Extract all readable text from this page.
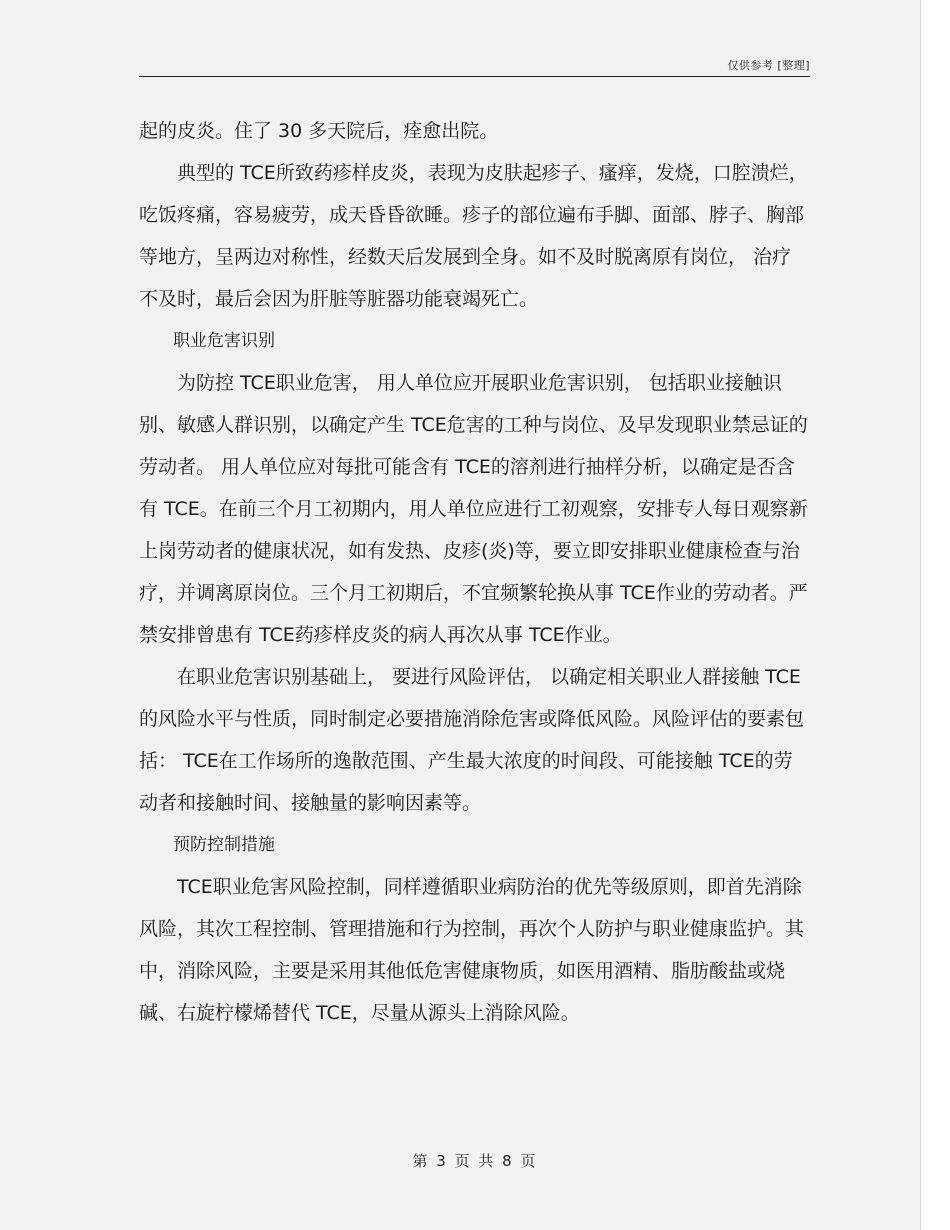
仅供参考 [整理]

起的皮炎。住了 30 多天院后，痊愈出院。

典型的 TCE所致药疹样皮炎，表现为皮肤起疹子、瘙痒，发烧，口腔溃烂，吃饭疼痛，容易疲劳，成天昏昏欲睡。疹子的部位遍布手脚、面部、脖子、胸部等地方，呈两边对称性，经数天后发展到全身。如不及时脱离原有岗位， 治疗不及时，最后会因为肝脏等脏器功能衰竭死亡。

职业危害识别

为防控 TCE职业危害， 用人单位应开展职业危害识别， 包括职业接触识别、敏感人群识别，以确定产生 TCE危害的工种与岗位、及早发现职业禁忌证的劳动者。 用人单位应对每批可能含有 TCE的溶剂进行抽样分析，以确定是否含有 TCE。在前三个月工初期内，用人单位应进行工初观察，安排专人每日观察新上岗劳动者的健康状况，如有发热、皮疹(炎)等，要立即安排职业健康检查与治疗，并调离原岗位。三个月工初期后，不宜频繁轮换从事 TCE作业的劳动者。严禁安排曾患有 TCE药疹样皮炎的病人再次从事 TCE作业。

在职业危害识别基础上， 要进行风险评估， 以确定相关职业人群接触 TCE的风险水平与性质，同时制定必要措施消除危害或降低风险。风险评估的要素包括： TCE在工作场所的逸散范围、产生最大浓度的时间段、可能接触 TCE的劳动者和接触时间、接触量的影响因素等。

预防控制措施

TCE职业危害风险控制，同样遵循职业病防治的优先等级原则，即首先消除风险，其次工程控制、管理措施和行为控制，再次个人防护与职业健康监护。其中，消除风险，主要是采用其他低危害健康物质，如医用酒精、脂肪酸盐或烧碱、右旋柠檬烯替代 TCE，尽量从源头上消除风险。

第 3 页 共 8 页
